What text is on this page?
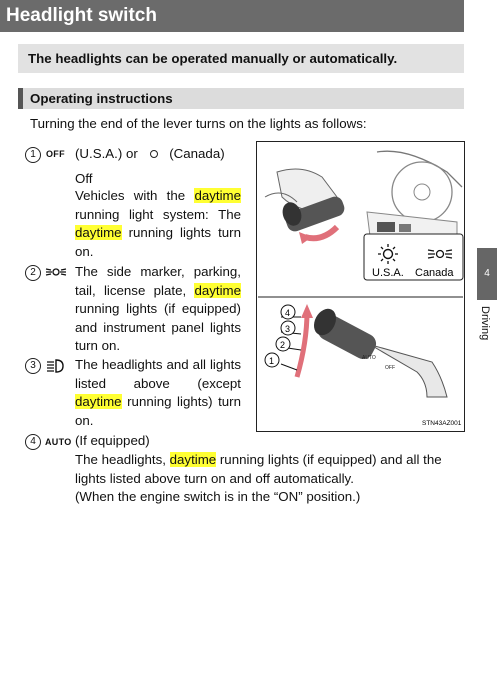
Headlight switch
The headlights can be operated manually or automatically.
Operating instructions
Turning the end of the lever turns on the lights as follows:
1	OFF (U.S.A.) or (Canada)
Off
Vehicles with the daytime running light system: The daytime running lights turn on.
2	The side marker, parking, tail, license plate, daytime running lights (if equipped) and instrument panel lights turn on.
3	The headlights and all lights listed above (except daytime running lights) turn on.
4	AUTO (If equipped)
The headlights, daytime running lights (if equipped) and all the lights listed above turn on and off automatically.
(When the engine switch is in the “ON” position.)
U.S.A. Canada
AUTO
OFF
4
3
2
1
STN43AZ001
4
Driving
